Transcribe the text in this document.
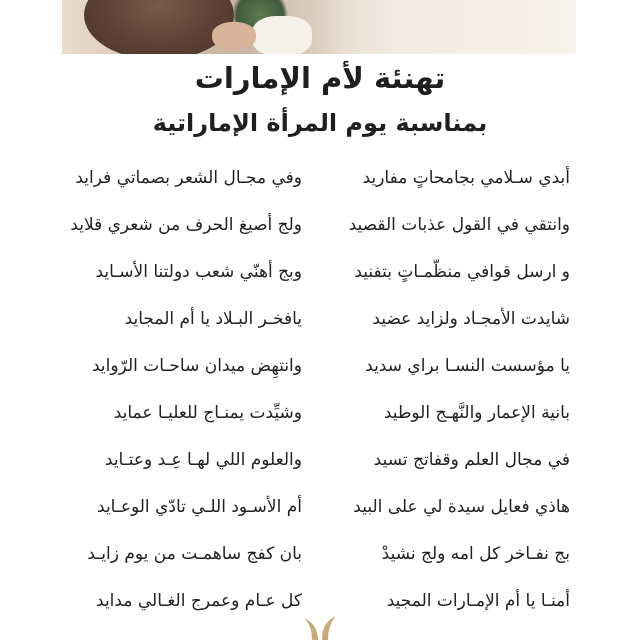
تهنئة لأم الإمارات
بمناسبة يوم المرأة الإماراتية
أبدي سـلامي بجامحاتٍ مفاريد
وفي مجـال الشعر بصماتي فرايد
وانتقي في القول عذبات القصيد
ولج أصيغ الحرف من شعري قلايد
و ارسل قوافي منظّمـاتٍ بتفنيد
وبج أهنّي شعب دولتنا الأسـايد
شايدت الأمجـاد ولزايد عضيد
يافخـر البـلاد يا أم المجايد
يا مؤسست النسـا براي سديد
وانتهِض ميدان ساحـات الرّوايد
بانية الإعمار والنَّهـج الوطيد
وشيِّدت يمنـاج للعليـا عمايد
في مجال العلم وقفاتج تسيد
والعلوم اللي لهـا عِـد وعتـايد
هاذي فعايل سيدة لي على البيد
أم الأسـود اللـي تادّي الوعـايد
بج نفـاخر كل امه ولج نشيدْ
بان كفج ساهمـت من يوم زايـد
أمنـا يا أم الإمـارات المجيد
كل عـام وعمرج الغـالي مدايد
